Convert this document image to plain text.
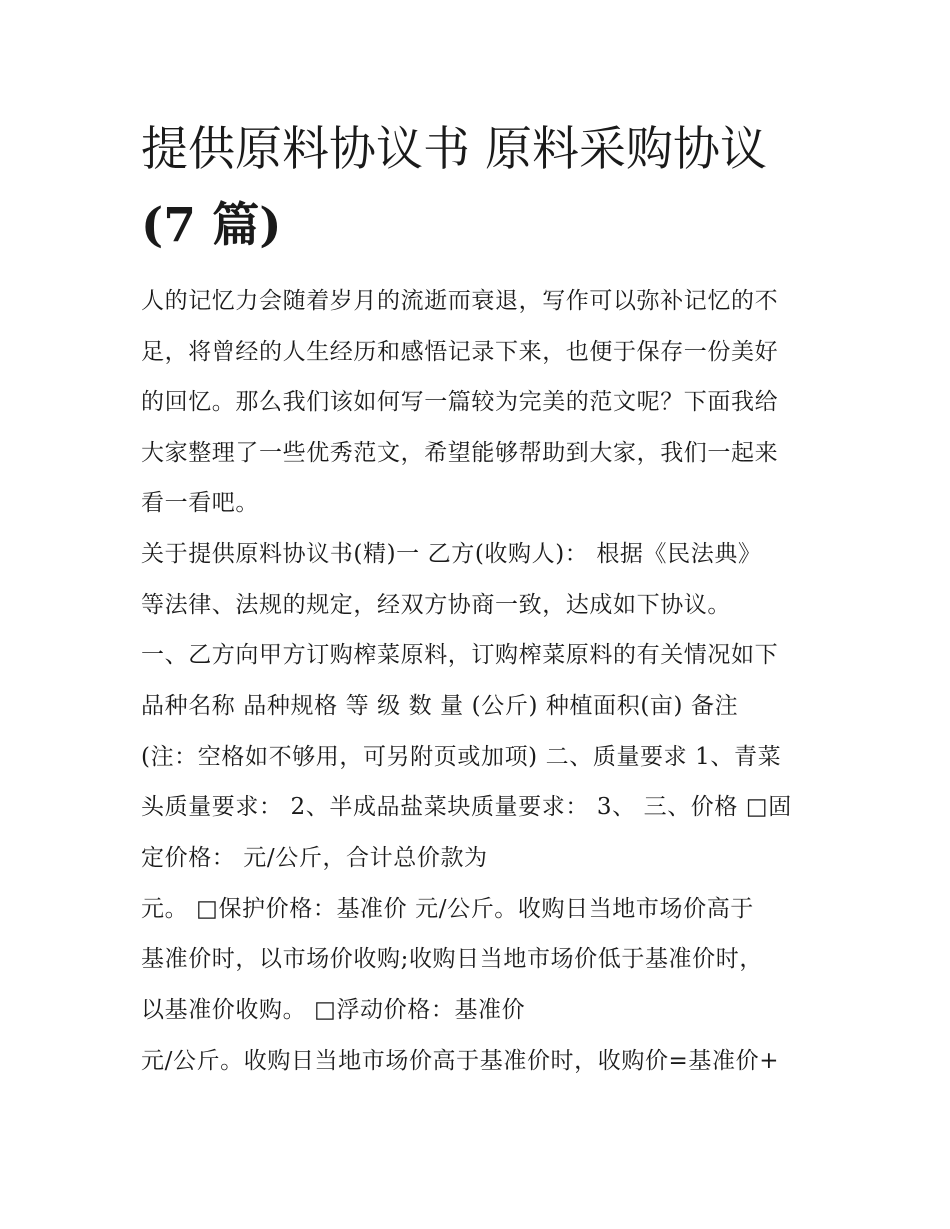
提供原料协议书 原料采购协议
(7 篇)
人的记忆力会随着岁月的流逝而衰退，写作可以弥补记忆的不
足，将曾经的人生经历和感悟记录下来，也便于保存一份美好
的回忆。那么我们该如何写一篇较为完美的范文呢？下面我给
大家整理了一些优秀范文，希望能够帮助到大家，我们一起来
看一看吧。
关于提供原料协议书(精)一 乙方(收购人)： 根据《民法典》
等法律、法规的规定，经双方协商一致，达成如下协议。
一、乙方向甲方订购榨菜原料，订购榨菜原料的有关情况如下
品种名称 品种规格 等 级 数 量 (公斤) 种植面积(亩) 备注
(注：空格如不够用，可另附页或加项) 二、质量要求 1、青菜
头质量要求： 2、半成品盐菜块质量要求： 3、 三、价格 □固
定价格： 元/公斤，合计总价款为
元。 □保护价格：基准价 元/公斤。收购日当地市场价高于
基准价时，以市场价收购;收购日当地市场价低于基准价时，
以基准价收购。 □浮动价格：基准价
元/公斤。收购日当地市场价高于基准价时，收购价=基准价+
